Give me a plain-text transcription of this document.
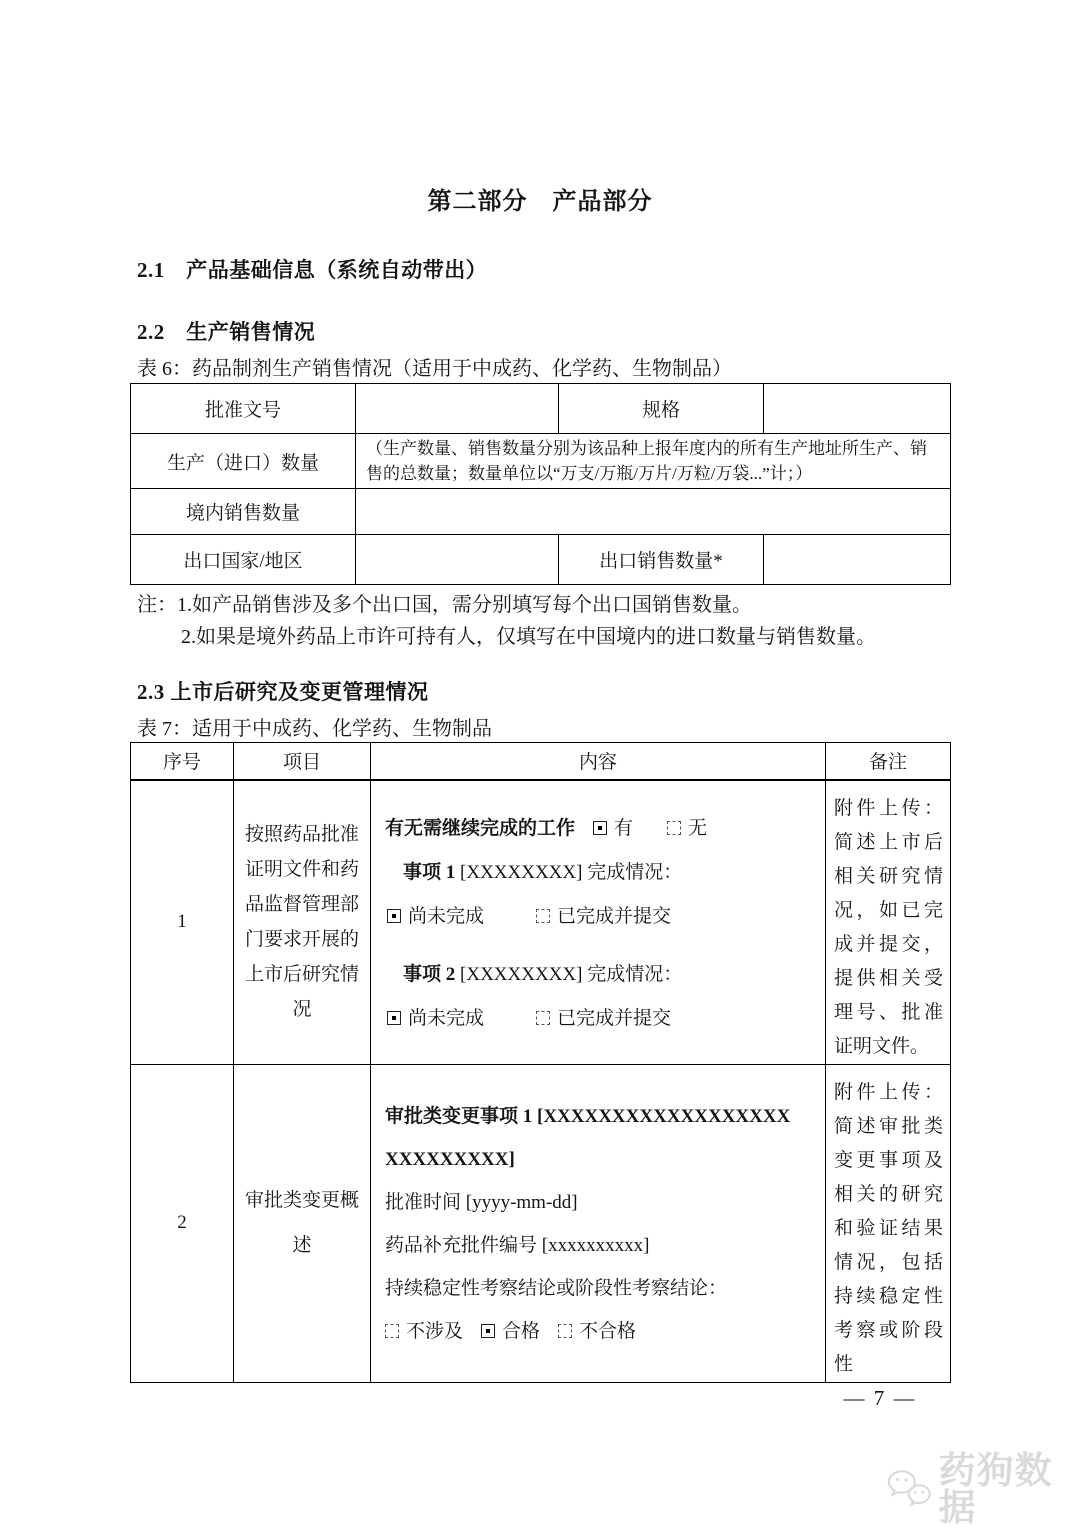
第二部分　产品部分
2.1　产品基础信息（系统自动带出）
2.2　生产销售情况
表 6：药品制剂生产销售情况（适用于中成药、化学药、生物制品）
批准文号		规格	
生产（进口）数量	（生产数量、销售数量分别为该品种上报年度内的所有生产地址所生产、销售的总数量；数量单位以“万支/万瓶/万片/万粒/万袋...”计；）		
境内销售数量			
出口国家/地区		出口销售数量*	
注：1.如产品销售涉及多个出口国，需分别填写每个出口国销售数量。
2.如果是境外药品上市许可持有人，仅填写在中国境内的进口数量与销售数量。
2.3 上市后研究及变更管理情况
表 7：适用于中成药、化学药、生物制品
序号	项目	内容	备注
1	按照药品批准证明文件和药品监督管理部门要求开展的上市后研究情况	有无需继续完成的工作 有 无
事项 1 [XXXXXXXX] 完成情况：
尚未完成 已完成并提交
事项 2 [XXXXXXXX] 完成情况：
尚未完成 已完成并提交	附件上传：简述上市后相关研究情况，如已完成并提交，提供相关受理号、批准证明文件。
2	审批类变更概述	
审批类变更事项 1 [XXXXXXXXXXXXXXXXXX
XXXXXXXXX]
批准时间 [yyyy-mm-dd]
药品补充批件编号 [xxxxxxxxxx]
持续稳定性考察结论或阶段性考察结论：
不涉及 合格 不合格
	附件上传：简述审批类变更事项及相关的研究和验证结果情况，包括持续稳定性考察或阶段性
— 7 —
药狗数据
